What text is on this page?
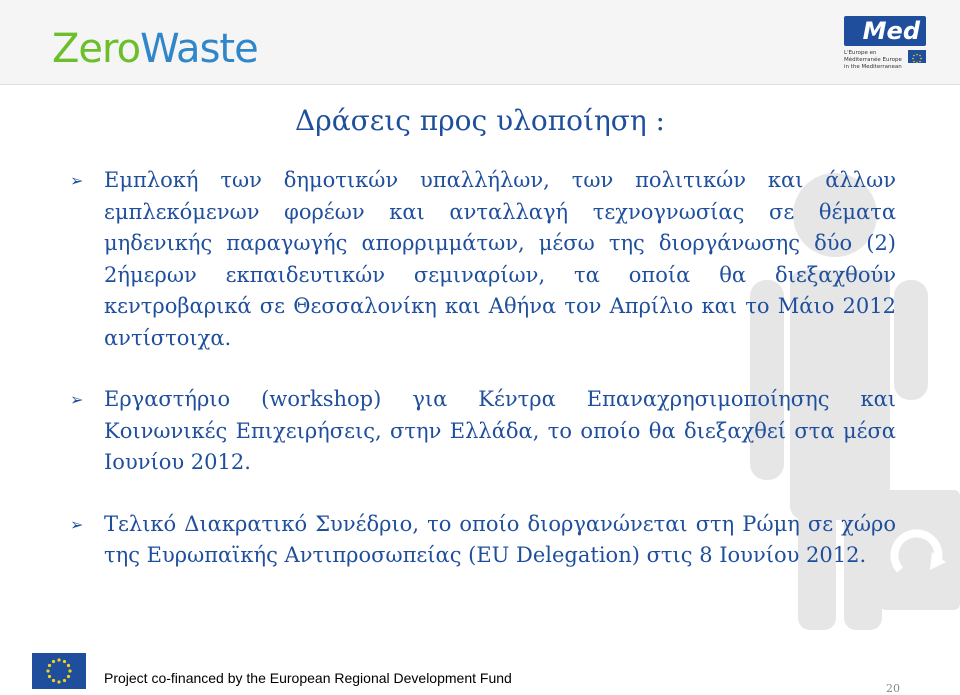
Zero Waste	Med
L'Europe en Méditerranée Europe in the Mediterranean
Δράσεις προς υλοποίηση :
➢ Εμπλοκή των δημοτικών υπαλλήλων, των πολιτικών και άλλων εμπλεκόμενων φορέων και ανταλλαγή τεχνογνωσίας σε θέματα μηδενικής παραγωγής απορριμμάτων, μέσω της διοργάνωσης δύο (2) 2ήμερων εκπαιδευτικών σεμιναρίων, τα οποία θα διεξαχθούν κεντροβαρικά σε Θεσσαλονίκη και Αθήνα τον Απρίλιο και το Μάιο 2012 αντίστοιχα.
➢ Εργαστήριο (workshop) για Κέντρα Επαναχρησιμοποίησης και Κοινωνικές Επιχειρήσεις, στην Ελλάδα, το οποίο θα διεξαχθεί στα μέσα Ιουνίου 2012.
➢ Τελικό Διακρατικό Συνέδριο, το οποίο διοργανώνεται στη Ρώμη σε χώρο της Ευρωπαϊκής Αντιπροσωπείας (EU Delegation) στις 8 Ιουνίου 2012.
Project co-financed by the European Regional Development Fund
20
